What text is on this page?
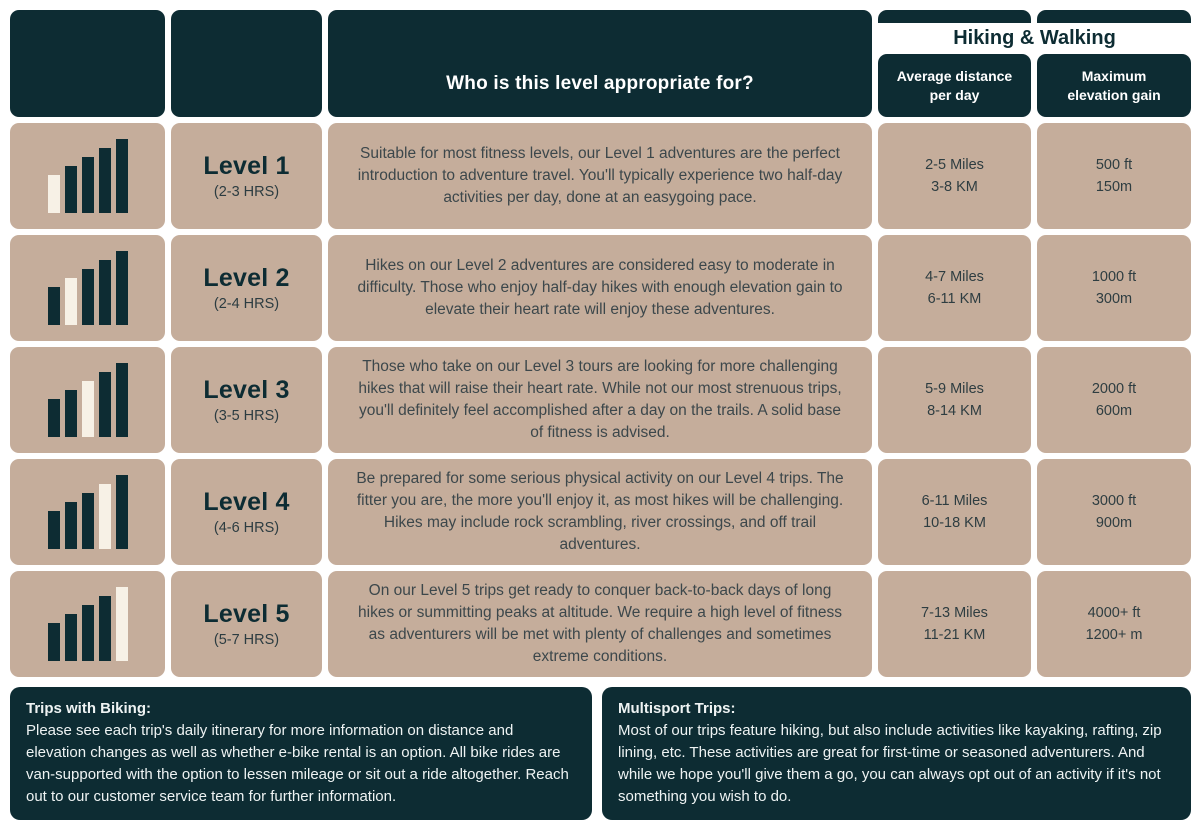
Who is this level appropriate for?
Hiking & Walking
Average distance
per day
Maximum
elevation gain
Level 1
(2-3 HRS)
Suitable for most fitness levels, our Level 1 adventures are the perfect introduction to adventure travel. You'll typically experience two half-day activities per day, done at an easygoing pace.
2-5 Miles
3-8 KM
500 ft
150m
Level 2
(2-4 HRS)
Hikes on our Level 2 adventures are considered easy to moderate in difficulty. Those who enjoy half-day hikes with enough elevation gain to elevate their heart rate will enjoy these adventures.
4-7 Miles
6-11 KM
1000 ft
300m
Level 3
(3-5 HRS)
Those who take on our Level 3 tours are looking for more challenging hikes that will raise their heart rate. While not our most strenuous trips, you'll definitely feel accomplished after a day on the trails. A solid base of fitness is advised.
5-9 Miles
8-14 KM
2000 ft
600m
Level 4
(4-6 HRS)
Be prepared for some serious physical activity on our Level 4 trips. The fitter you are, the more you'll enjoy it, as most hikes will be challenging. Hikes may include rock scrambling, river crossings, and off trail adventures.
6-11 Miles
10-18 KM
3000 ft
900m
Level 5
(5-7 HRS)
On our Level 5 trips get ready to conquer back-to-back days of long hikes or summitting peaks at altitude. We require a high level of fitness as adventurers will be met with plenty of challenges and sometimes extreme conditions.
7-13 Miles
11-21 KM
4000+ ft
1200+ m
Trips with Biking:
Please see each trip's daily itinerary for more information on distance and elevation changes as well as whether e-bike rental is an option. All bike rides are van-supported with the option to lessen mileage or sit out a ride altogether. Reach out to our customer service team for further information.
Multisport Trips:
Most of our trips feature hiking, but also include activities like kayaking, rafting, zip lining, etc. These activities are great for first-time or seasoned adventurers. And while we hope you'll give them a go, you can always opt out of an activity if it's not something you wish to do.
